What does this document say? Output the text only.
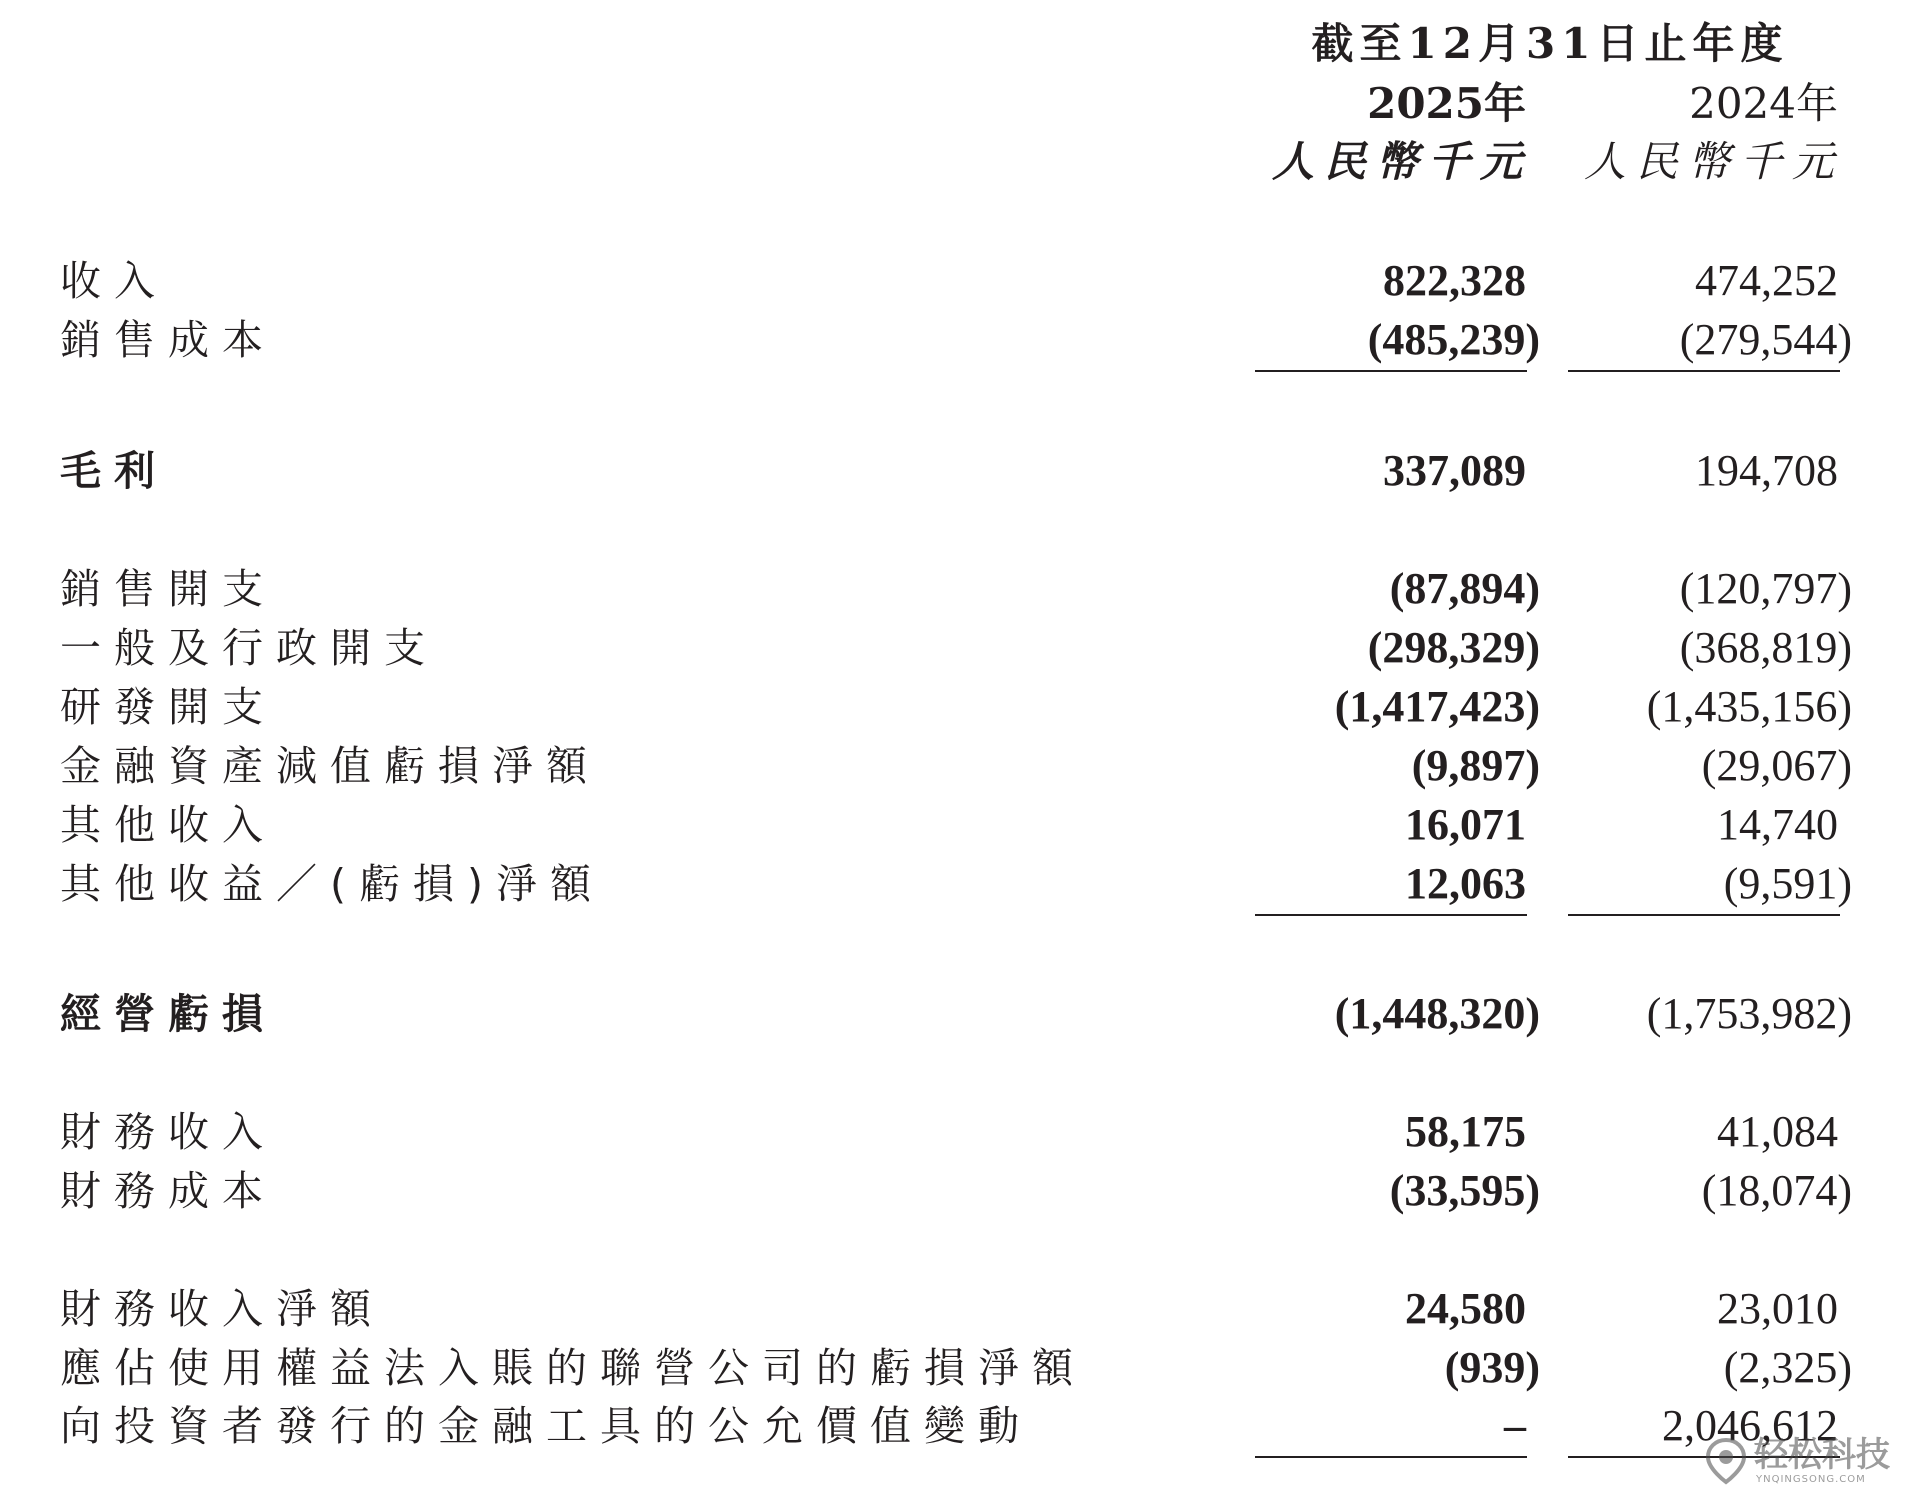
截至12月31日止年度
2025年	2024年
人民幣千元 人民幣千元
收入	822,328	474,252
銷售成本	(485,239)	(279,544)
毛利	337,089	194,708
銷售開支	(87,894)	(120,797)
一般及行政開支	(298,329)	(368,819)
研發開支	(1,417,423) (1,435,156)
金融資產減值虧損淨額	(9,897)	(29,067)
其他收入	16,071	14,740
其他收益／(虧損)淨額	12,063	(9,591)
經營虧損	(1,448,320) (1,753,982)
財務收入	58,175	41,084
財務成本	(33,595)	(18,074)
財務收入淨額	24,580	23,010
應佔使用權益法入賬的聯營公司的虧損淨額	(939)	(2,325)
向投資者發行的金融工具的公允價值變動	–	2,046,612
轻松科技
YNQINGSONG.COM
